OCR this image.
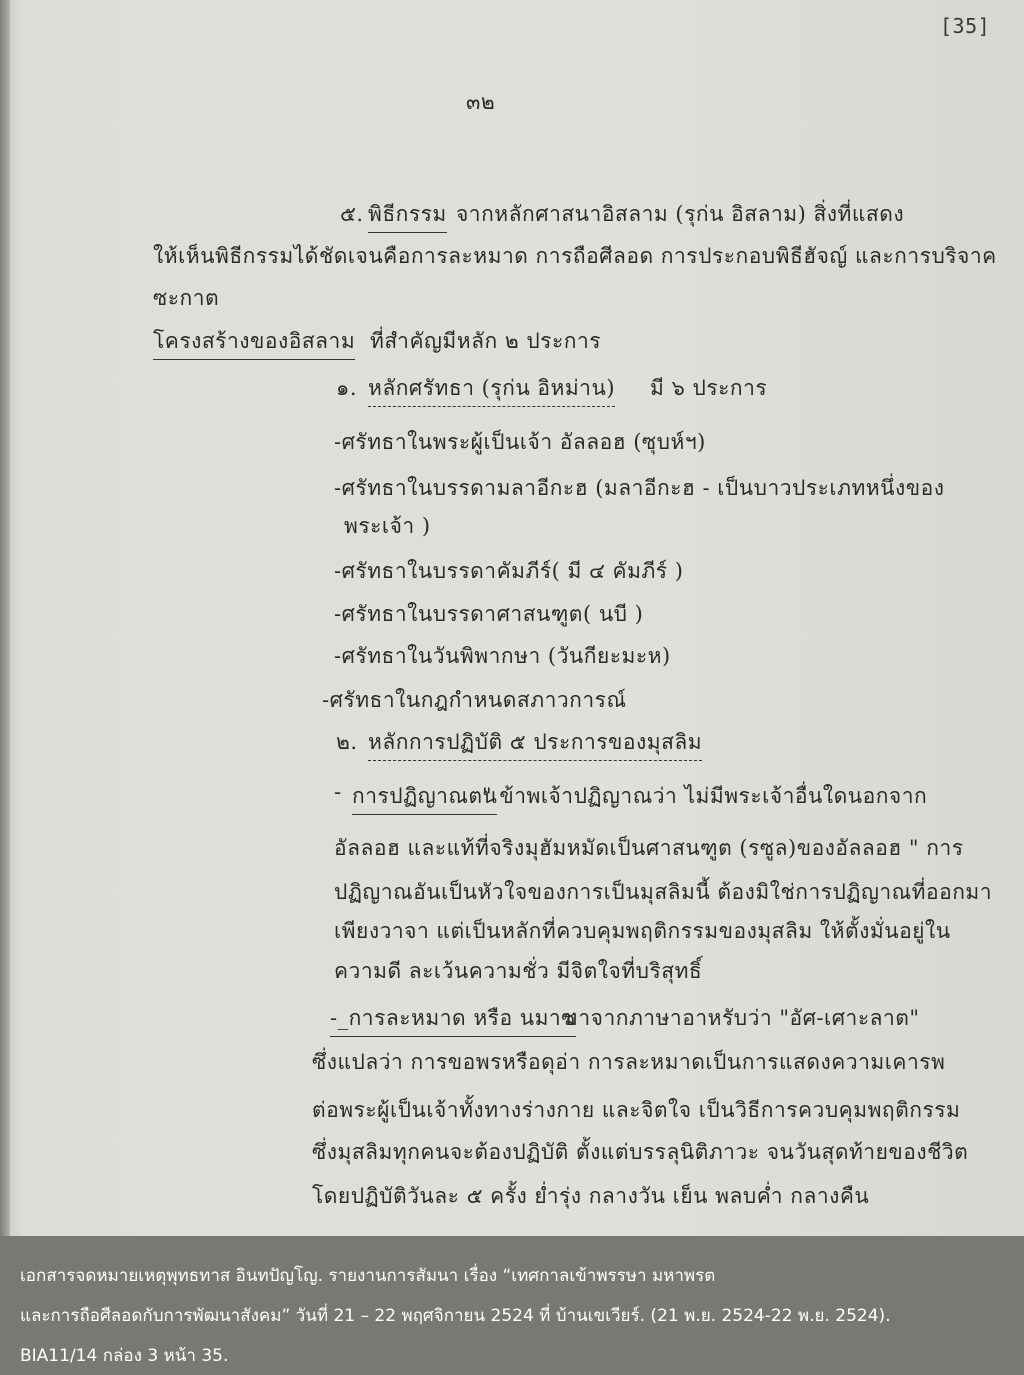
[35]
๓๒
๕. พิธีกรรม จากหลักศาสนาอิสลาม (รุก่น อิสลาม) สิ่งที่แสดง
ให้เห็นพิธีกรรมได้ชัดเจนคือการละหมาด การถือศีลอด การประกอบพิธีฮัจญ์ และการบริจาค
ซะกาต
โครงสร้างของอิสลาม ที่สำคัญมีหลัก ๒ ประการ
๑. หลักศรัทธา (รุก่น อิหม่าน) มี ๖ ประการ
-ศรัทธาในพระผู้เป็นเจ้า อัลลอฮ (ซุบห์ฯ)
-ศรัทธาในบรรดามลาอีกะฮ (มลาอีกะฮ - เป็นบาวประเภทหนึ่งของ
พระเจ้า )
-ศรัทธาในบรรดาคัมภีร์( มี ๔ คัมภีร์ )
-ศรัทธาในบรรดาศาสนฑูต( นบี )
-ศรัทธาในวันพิพากษา (วันกียะมะห)
-ศรัทธาในกฎกำหนดสภาวการณ์
๒. หลักการปฏิบัติ ๕ ประการของมุสลิม
- การปฏิญาณตน
" ข้าพเจ้าปฏิญาณว่า ไม่มีพระเจ้าอื่นใดนอกจาก
อัลลอฮ และแท้ที่จริงมุฮัมหมัดเป็นศาสนฑูต (รซูล)ของอัลลอฮ " การ
ปฏิญาณอันเป็นหัวใจของการเป็นมุสลิมนี้ ต้องมิใช่การปฏิญาณที่ออกมา
เพียงวาจา แต่เป็นหลักที่ควบคุมพฤติกรรมของมุสลิม ให้ตั้งมั่นอยู่ใน
ความดี ละเว้นความชั่ว มีจิตใจที่บริสุทธิ์
-_การละหมาด หรือ นมาซ
มาจากภาษาอาหรับว่า "อัศ-เศาะลาต"
ซึ่งแปลว่า การขอพรหรือดุอ่า การละหมาดเป็นการแสดงความเคารพ
ต่อพระผู้เป็นเจ้าทั้งทางร่างกาย และจิตใจ เป็นวิธีการควบคุมพฤติกรรม
ซึ่งมุสลิมทุกคนจะต้องปฏิบัติ ตั้งแต่บรรลุนิติภาวะ จนวันสุดท้ายของชีวิต
โดยปฏิบัติวันละ ๕ ครั้ง ย่ำรุ่ง กลางวัน เย็น พลบค่ำ กลางคืน
เอกสารจดหมายเหตุพุทธทาส อินทปัญโญ. รายงานการสัมนา เรื่อง “เทศกาลเข้าพรรษา มหาพรต
และการถือศีลอดกับการพัฒนาสังคม” วันที่ 21 – 22 พฤศจิกายน 2524 ที่ บ้านเขเวียร์. (21 พ.ย. 2524-22 พ.ย. 2524).
BIA11/14 กล่อง 3 หน้า 35.
